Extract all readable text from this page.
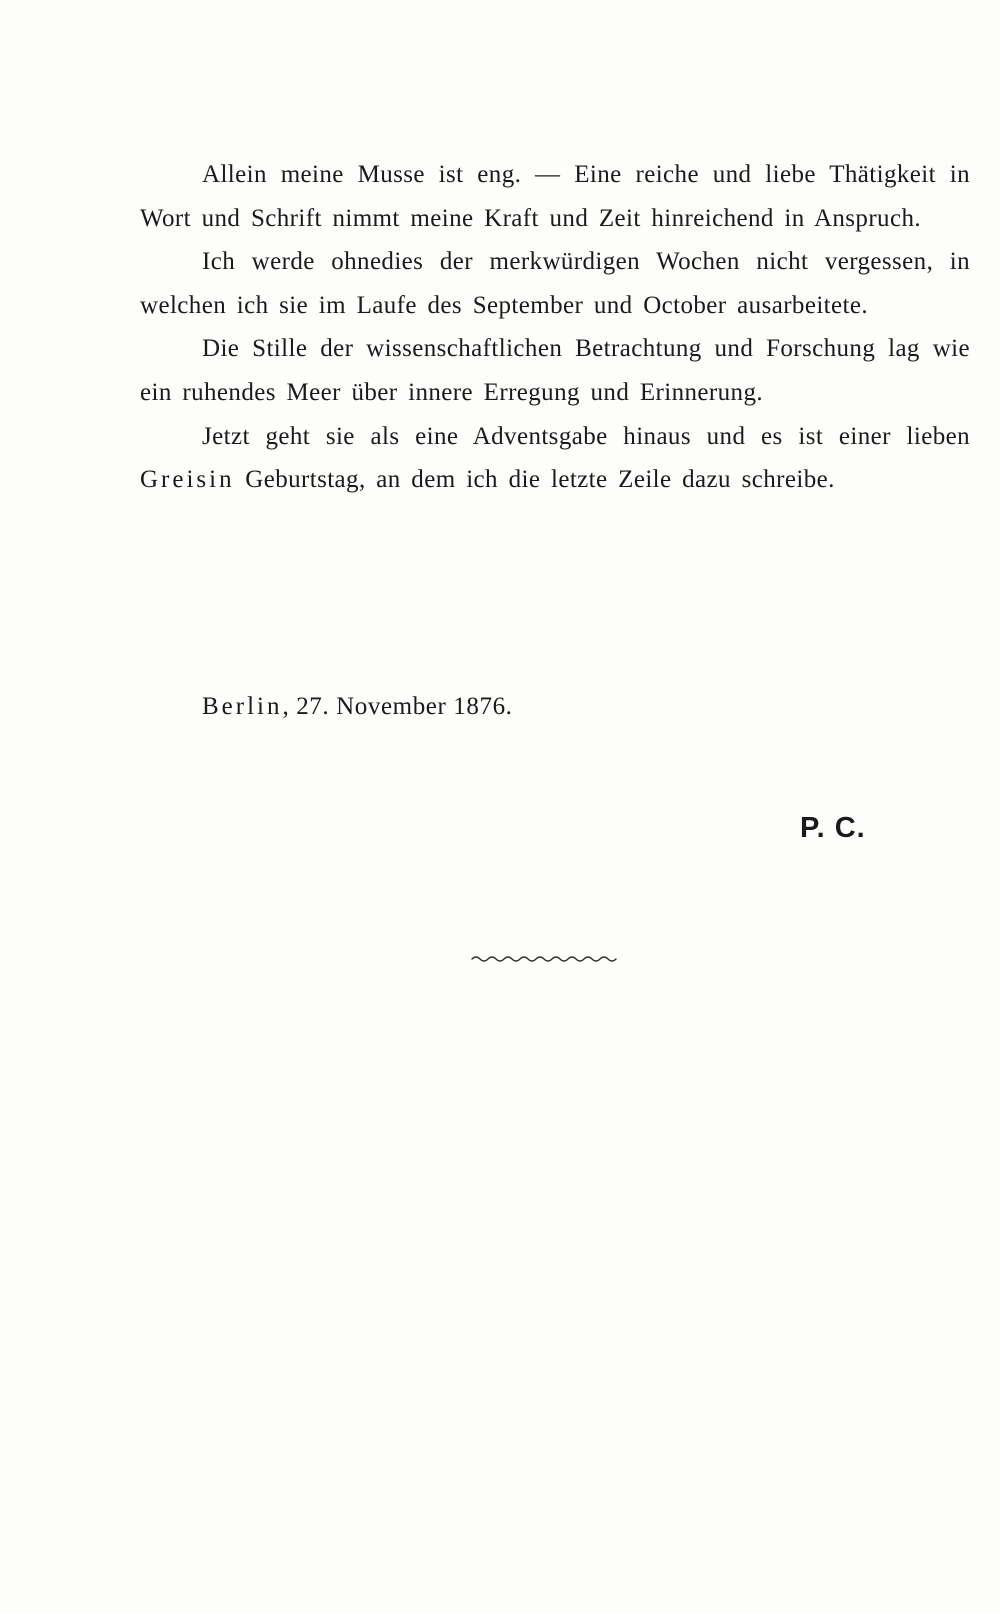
Allein meine Musse ist eng. — Eine reiche und liebe Thätigkeit in Wort und Schrift nimmt meine Kraft und Zeit hinreichend in Anspruch.

Ich werde ohnedies der merkwürdigen Wochen nicht vergessen, in welchen ich sie im Laufe des September und October ausarbeitete.

Die Stille der wissenschaftlichen Betrachtung und Forschung lag wie ein ruhendes Meer über innere Erregung und Erinnerung.

Jetzt geht sie als eine Adventsgabe hinaus und es ist einer lieben Greisin Geburtstag, an dem ich die letzte Zeile dazu schreibe.

Berlin, 27. November 1876.
P. C.
